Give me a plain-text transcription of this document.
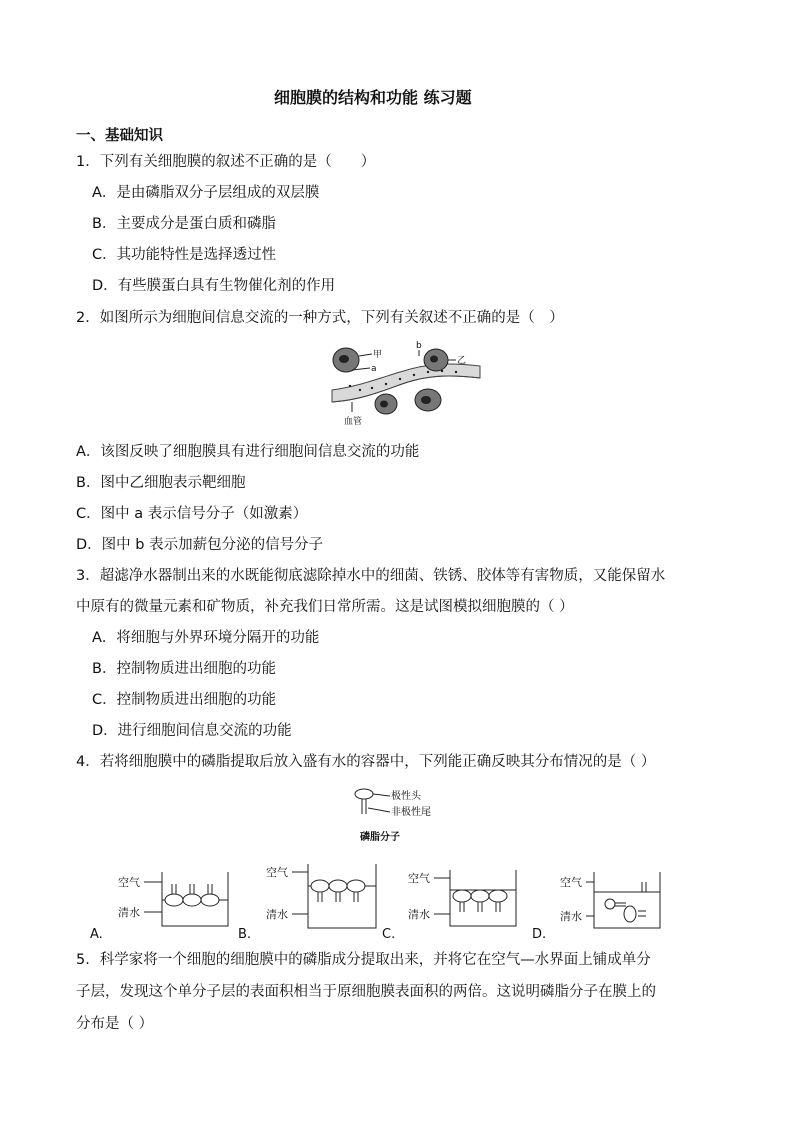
细胞膜的结构和功能 练习题
一、基础知识
1．下列有关细胞膜的叙述不正确的是（　　）
A．是由磷脂双分子层组成的双层膜
B．主要成分是蛋白质和磷脂
C．其功能特性是选择透过性
D．有些膜蛋白具有生物催化剂的作用
2．如图所示为细胞间信息交流的一种方式，下列有关叙述不正确的是（　）
甲
a
乙
b
血管
A．该图反映了细胞膜具有进行细胞间信息交流的功能
B．图中乙细胞表示靶细胞
C．图中 a 表示信号分子（如激素）
D．图中 b 表示加薪包分泌的信号分子
3．超滤净水器制出来的水既能彻底滤除掉水中的细菌、铁锈、胶体等有害物质，又能保留水
中原有的微量元素和矿物质，补充我们日常所需。这是试图模拟细胞膜的（ ）
A．将细胞与外界环境分隔开的功能
B．控制物质进出细胞的功能
C．控制物质进出细胞的功能
D．进行细胞间信息交流的功能
4．若将细胞膜中的磷脂提取后放入盛有水的容器中，下列能正确反映其分布情况的是（ ）
极性头
非极性尾
磷脂分子
A.
空气
清水
B.
空气
清水
C.
空气
清水
D.
空气
清水
5．科学家将一个细胞的细胞膜中的磷脂成分提取出来，并将它在空气—水界面上铺成单分
子层，发现这个单分子层的表面积相当于原细胞膜表面积的两倍。这说明磷脂分子在膜上的
分布是（ ）
